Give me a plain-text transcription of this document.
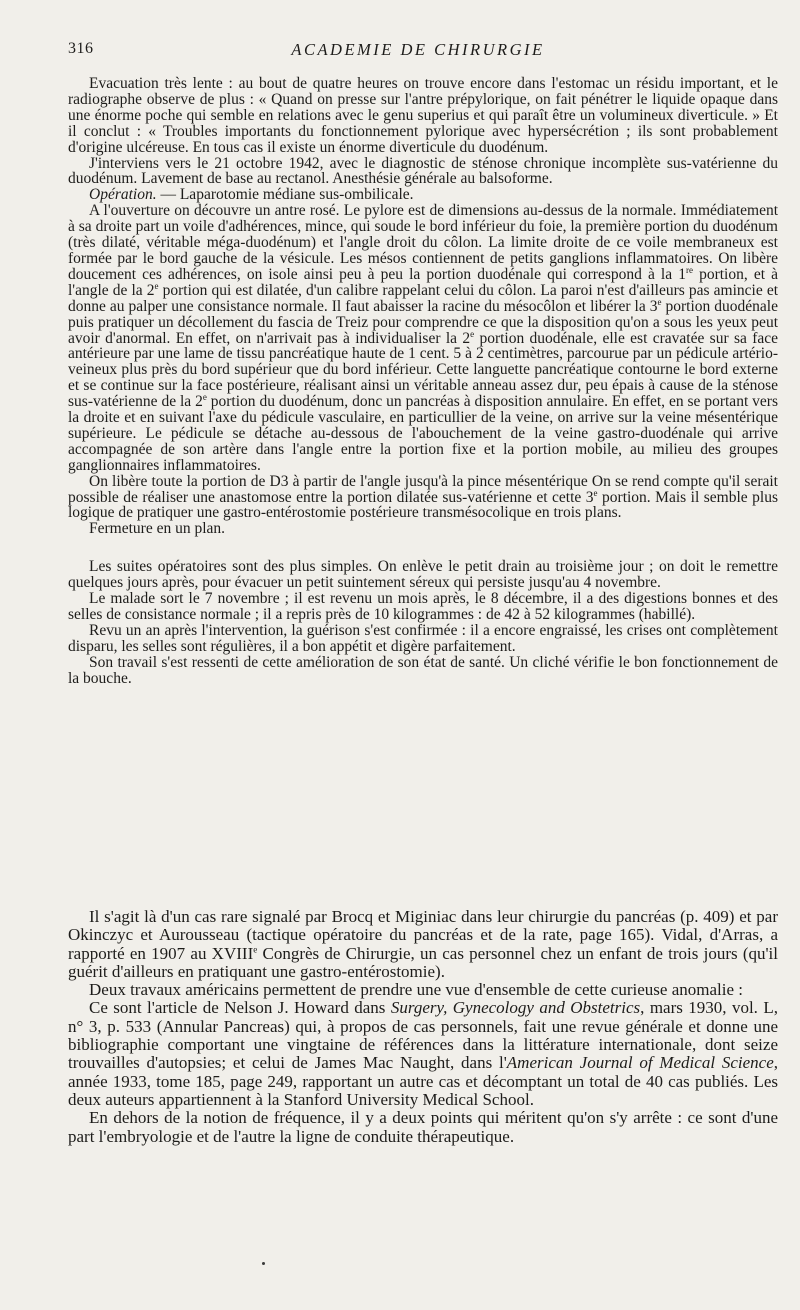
316	ACADEMIE DE CHIRURGIE

Evacuation très lente : au bout de quatre heures on trouve encore dans l'estomac un résidu important, et le radiographe observe de plus : « Quand on presse sur l'antre prépylorique, on fait pénétrer le liquide opaque dans une énorme poche qui semble en relations avec le genu superius et qui paraît être un volumineux diverticule. » Et il conclut : « Troubles importants du fonctionnement pylorique avec hypersécrétion ; ils sont probablement d'origine ulcéreuse. En tous cas il existe un énorme diverticule du duodénum.

J'interviens vers le 21 octobre 1942, avec le diagnostic de sténose chronique incomplète sus-vatérienne du duodénum. Lavement de base au rectanol. Anesthésie générale au balsoforme.

Opération. — Laparotomie médiane sus-ombilicale.

A l'ouverture on découvre un antre rosé. Le pylore est de dimensions au-dessus de la normale. Immédiatement à sa droite part un voile d'adhérences, mince, qui soude le bord inférieur du foie, la première portion du duodénum (très dilaté, véritable méga-duodénum) et l'angle droit du côlon. La limite droite de ce voile membraneux est formée par le bord gauche de la vésicule. Les mésos contiennent de petits ganglions inflammatoires. On libère doucement ces adhérences, on isole ainsi peu à peu la portion duodénale qui correspond à la 1re portion, et à l'angle de la 2e portion qui est dilatée, d'un calibre rappelant celui du côlon. La paroi n'est d'ailleurs pas amincie et donne au palper une consistance normale. Il faut abaisser la racine du mésocôlon et libérer la 3e portion duodénale puis pratiquer un décollement du fascia de Treiz pour comprendre ce que la disposition qu'on a sous les yeux peut avoir d'anormal. En effet, on n'arrivait pas à individualiser la 2e portion duodénale, elle est cravatée sur sa face antérieure par une lame de tissu pancréatique haute de 1 cent. 5 à 2 centimètres, parcourue par un pédicule artério-veineux plus près du bord supérieur que du bord inférieur. Cette languette pancréatique contourne le bord externe et se continue sur la face postérieure, réalisant ainsi un véritable anneau assez dur, peu épais à cause de la sténose sus-vatérienne de la 2e portion du duodénum, donc un pancréas à disposition annulaire. En effet, en se portant vers la droite et en suivant l'axe du pédicule vasculaire, en particullier de la veine, on arrive sur la veine mésentérique supérieure. Le pédicule se détache au-dessous de l'abouchement de la veine gastro-duodénale qui arrive accompagnée de son artère dans l'angle entre la portion fixe et la portion mobile, au milieu des groupes ganglionnaires inflammatoires.

On libère toute la portion de D3 à partir de l'angle jusqu'à la pince mésentérique On se rend compte qu'il serait possible de réaliser une anastomose entre la portion dilatée sus-vatérienne et cette 3e portion. Mais il semble plus logique de pratiquer une gastro-entérostomie postérieure transmésocolique en trois plans.

Fermeture en un plan.

Les suites opératoires sont des plus simples. On enlève le petit drain au troisième jour ; on doit le remettre quelques jours après, pour évacuer un petit suintement séreux qui persiste jusqu'au 4 novembre.

Le malade sort le 7 novembre ; il est revenu un mois après, le 8 décembre, il a des digestions bonnes et des selles de consistance normale ; il a repris près de 10 kilogrammes : de 42 à 52 kilogrammes (habillé).

Revu un an après l'intervention, la guérison s'est confirmée : il a encore engraissé, les crises ont complètement disparu, les selles sont régulières, il a bon appétit et digère parfaitement.

Son travail s'est ressenti de cette amélioration de son état de santé. Un cliché vérifie le bon fonctionnement de la bouche.

Il s'agit là d'un cas rare signalé par Brocq et Miginiac dans leur chirurgie du pancréas (p. 409) et par Okinczyc et Aurousseau (tactique opératoire du pancréas et de la rate, page 165). Vidal, d'Arras, a rapporté en 1907 au XVIIIe Congrès de Chirurgie, un cas personnel chez un enfant de trois jours (qu'il guérit d'ailleurs en pratiquant une gastro-entérostomie).

Deux travaux américains permettent de prendre une vue d'ensemble de cette curieuse anomalie :

Ce sont l'article de Nelson J. Howard dans Surgery, Gynecology and Obstetrics, mars 1930, vol. L, n° 3, p. 533 (Annular Pancreas) qui, à propos de cas personnels, fait une revue générale et donne une bibliographie comportant une vingtaine de références dans la littérature internationale, dont seize trouvailles d'autopsies; et celui de James Mac Naught, dans l'American Journal of Medical Science, année 1933, tome 185, page 249, rapportant un autre cas et décomptant un total de 40 cas publiés. Les deux auteurs appartiennent à la Stanford University Medical School.

En dehors de la notion de fréquence, il y a deux points qui méritent qu'on s'y arrête : ce sont d'une part l'embryologie et de l'autre la ligne de conduite thérapeutique.
